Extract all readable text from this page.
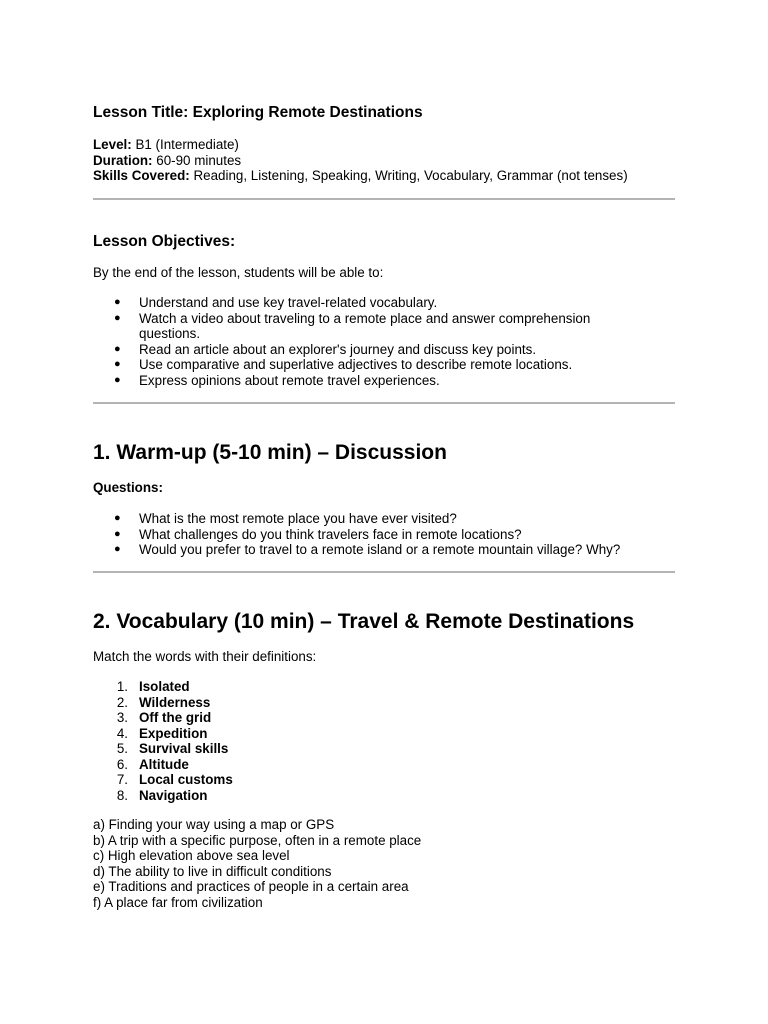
Lesson Title: Exploring Remote Destinations
Level: B1 (Intermediate)
Duration: 60-90 minutes
Skills Covered: Reading, Listening, Speaking, Writing, Vocabulary, Grammar (not tenses)
Lesson Objectives:
By the end of the lesson, students will be able to:
● Understand and use key travel-related vocabulary.
● Watch a video about traveling to a remote place and answer comprehension questions.
● Read an article about an explorer's journey and discuss key points.
● Use comparative and superlative adjectives to describe remote locations.
● Express opinions about remote travel experiences.
1. Warm-up (5-10 min) – Discussion
Questions:
● What is the most remote place you have ever visited?
● What challenges do you think travelers face in remote locations?
● Would you prefer to travel to a remote island or a remote mountain village? Why?
2. Vocabulary (10 min) – Travel & Remote Destinations
Match the words with their definitions:
1. Isolated
2. Wilderness
3. Off the grid
4. Expedition
5. Survival skills
6. Altitude
7. Local customs
8. Navigation
a) Finding your way using a map or GPS
b) A trip with a specific purpose, often in a remote place
c) High elevation above sea level
d) The ability to live in difficult conditions
e) Traditions and practices of people in a certain area
f) A place far from civilization
